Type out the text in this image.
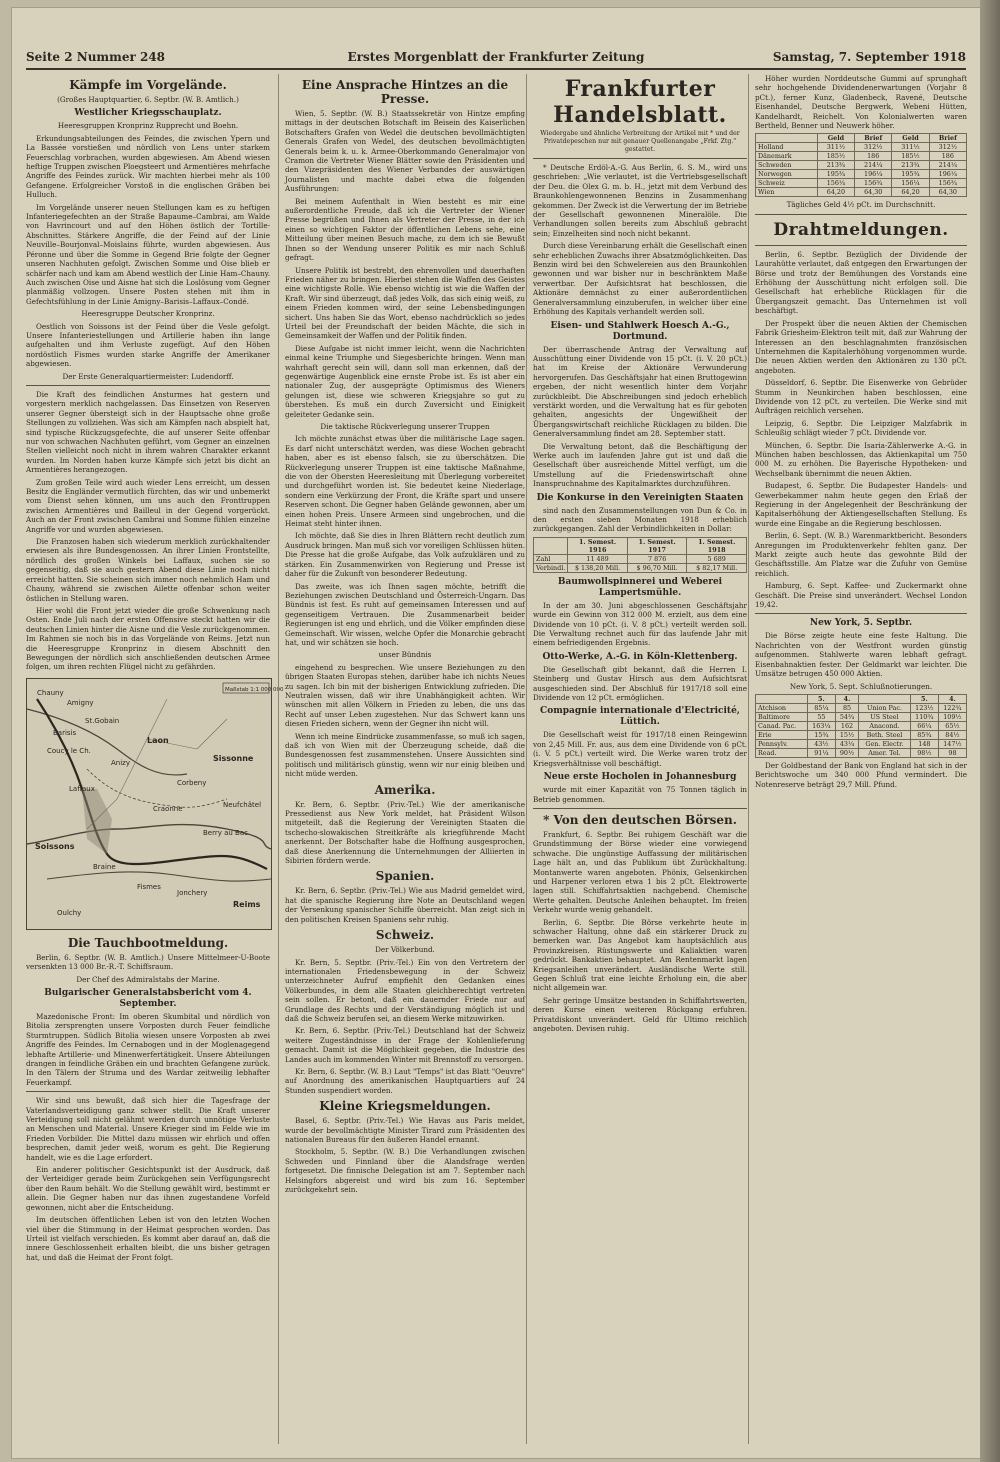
Seite 2 Nummer 248	Erstes Morgenblatt der Frankfurter Zeitung	Samstag, 7. September 1918
Kämpfe im Vorgelände.
(Großes Hauptquartier, 6. Septbr. (W. B. Amtlich.)
Westlicher Kriegsschauplatz.
Heeresgruppen Kronprinz Rupprecht und Boehn.

Erkundungsabteilungen des Feindes, die zwischen Ypern und La Bassée vorstießen und nördlich von Lens unter starkem Feuerschlag vorbrachen, wurden abgewiesen. Am Abend wiesen heftige Truppen zwischen Ploegsteert und Armentières mehrfache Angriffe des Feindes zurück. Wir machten hierbei mehr als 100 Gefangene. Erfolgreicher Vorstoß in die englischen Gräben bei Hulluch.

Im Vorgelände unserer neuen Stellungen kam es zu heftigen Infanteriegefechten an der Straße Bapaume–Cambrai, am Walde von Havrincourt und auf den Höhen östlich der Tortille-Abschnittes. Stärkere Angriffe, die der Feind auf der Linie Neuville–Bourjonval–Moislains führte, wurden abgewiesen. Aus Péronne und über die Somme in Gegend Brie folgte der Gegner unseren Nachhuten gefolgt. Zwischen Somme und Oise blieb er schärfer nach und kam am Abend westlich der Linie Ham–Chauny. Auch zwischen Oise und Aisne hat sich die Loslösung vom Gegner planmäßig vollzogen. Unsere Posten stehen mit ihm in Gefechtsfühlung in der Linie Amigny–Barisis–Laffaux–Condé.

Heeresgruppe Deutscher Kronprinz.

Oestlich von Soissons ist der Feind über die Vesle gefolgt. Unsere Infanteriestellungen und Artillerie haben ihn lange aufgehalten und ihm Verluste zugefügt. Auf den Höhen nordöstlich Fismes wurden starke Angriffe der Amerikaner abgewiesen.

Der Erste Generalquartiermeister: Ludendorff.

Die Kraft des feindlichen Ansturmes hat gestern und vorgestern merklich nachgelassen. Das Einsetzen von Reserven unserer Gegner übersteigt sich in der Hauptsache ohne große Stellungen zu vollziehen. Was sich am Kämpfen nach abspielt hat, sind typische Rückzugsgefechte, die auf unserer Seite offenbar nur von schwachen Nachhuten geführt, vom Gegner an einzelnen Stellen vielleicht noch nicht in ihrem wahren Charakter erkannt wurden. Im Norden haben kurze Kämpfe sich jetzt bis dicht an Armentières herangezogen.

Zum großen Teile wird auch wieder Lens erreicht, um dessen Besitz die Engländer vermutlich fürchten, das wir und unbemerkt vom Dienst sehen können, um uns auch den Fronttruppen zwischen Armentières und Bailleul in der Gegend vorgerückt. Auch an der Front zwischen Cambrai und Somme fühlen einzelne Angriffe vor und wurden abgewiesen.

Die Franzosen haben sich wiederum merklich zurückhaltender erwiesen als ihre Bundesgenossen. An ihrer Linien Frontstellte, nördlich des großen Winkels bei Laffaux, suchen sie so gegenseitig, daß sie auch gestern Abend diese Linie noch nicht erreicht hatten. Sie scheinen sich immer noch nehmlich Ham und Chauny, während sie zwischen Ailette offenbar schon weiter östlichen in Stellung waren.

Hier wohl die Front jetzt wieder die große Schwenkung nach Osten. Ende Juli nach der ersten Offensive steckt hatten wir die deutschen Linien hinter die Aisne und die Vesle zurückgenommen. Im Rahmen sie noch bis in das Vorgelände von Reims. Jetzt nun die Heeresgruppe Kronprinz in diesem Abschnitt den Bewegungen der nördlich sich anschließenden deutschen Armee folgen, um ihren rechten Flügel nicht zu gefährden.

Maßstab 1:1 000 000
Chauny
Amigny
St.Gobain
Barisis
Coucy le Ch.
Laon
Anizy
Laffaux
Soissons
Braine
Fismes
Sissonne
Craonne
Berry au Bac
Reims
Jonchery
Oulchy
Neufchâtel
Corbeny
Die Tauchbootmeldung.

Berlin, 6. Septbr. (W. B. Amtlich.) Unsere Mittelmeer-U-Boote versenkten 13 000 Br.-R.-T. Schiffsraum.

Der Chef des Admiralstabs der Marine.
Bulgarischer Generalstabsbericht vom 4. September.

Mazedonische Front: Im oberen Skumbital und nördlich von Bitolia zersprengten unsere Vorposten durch Feuer feindliche Sturmtruppen. Südlich Bitolia wiesen unsere Vorposten ab zwei Angriffe des Feindes. Im Cernabogen und in der Moglenagegend lebhafte Artillerie- und Minenwerfertätigkeit. Unsere Abteilungen drangen in feindliche Gräben ein und brachten Gefangene zurück. In den Tälern der Struma und des Wardar zeitweilig lebhafter Feuerkampf.

Wir sind uns bewußt, daß sich hier die Tagesfrage der Vaterlandsverteidigung ganz schwer stellt. Die Kraft unserer Verteidigung soll nicht gelähmt werden durch unnötige Verluste an Menschen und Material. Unsere Krieger sind im Felde wie im Frieden Vorbilder. Die Mittel dazu müssen wir ehrlich und offen besprechen, damit jeder weiß, worum es geht. Die Regierung handelt, wie es die Lage erfordert.

Ein anderer politischer Gesichtspunkt ist der Ausdruck, daß der Verteidiger gerade beim Zurückgehen sein Verfügungsrecht über den Raum behält. Wo die Stellung gewählt wird, bestimmt er allein. Die Gegner haben nur das ihnen zugestandene Vorfeld gewonnen, nicht aber die Entscheidung.

Im deutschen öffentlichen Leben ist von den letzten Wochen viel über die Stimmung in der Heimat gesprochen worden. Das Urteil ist vielfach verschieden. Es kommt aber darauf an, daß die innere Geschlossenheit erhalten bleibt, die uns bisher getragen hat, und daß die Heimat der Front folgt.

Eine Ansprache Hintzes an die Presse.

Wien, 5. Septbr. (W. B.) Staatssekretär von Hintze empfing mittags in der deutschen Botschaft im Beisein des Kaiserlichen Botschafters Grafen von Wedel die deutschen bevollmächtigten Generals Grafen von Wedel, des deutschen bevollmächtigten Generals beim k. u. k. Armee-Oberkommando Generalmajor von Cramon die Vertreter Wiener Blätter sowie den Präsidenten und den Vizepräsidenten des Wiener Verbandes der auswärtigen Journalisten und machte dabei etwa die folgenden Ausführungen:

Bei meinem Aufenthalt in Wien besteht es mir eine außerordentliche Freude, daß ich die Vertreter der Wiener Presse begrüßen und Ihnen als Vertreter der Presse, in der ich einen so wichtigen Faktor der öffentlichen Lebens sehe, eine Mitteilung über meinen Besuch mache, zu dem ich sie Bewußt Ihnen so der Wendung unserer Politik es mir nach Schluß gefragt.

Unsere Politik ist bestrebt, den ehrenvollen und dauerhaften Frieden näher zu bringen. Hierbei stehen die Waffen des Geistes eine wichtigste Rolle. Wie ebenso wichtig ist wie die Waffen der Kraft. Wir sind überzeugt, daß jedes Volk, das sich einig weiß, zu einem Frieden kommen wird, der seine Lebensbedingungen sichert. Uns haben Sie das Wort, ebenso nachdrücklich so jedes Urteil bei der Freundschaft der beiden Mächte, die sich in Gemeinsamkeit der Waffen und der Politik finden.

Diese Aufgabe ist nicht immer leicht, wenn die Nachrichten einmal keine Triumphe und Siegesberichte bringen. Wenn man wahrhaft gerecht sein will, dann soll man erkennen, daß der gegenwärtige Augenblick eine ernste Probe ist. Es ist aber ein nationaler Zug, der ausgeprägte Optimismus des Wieners gelungen ist, diese wie schweren Kriegsjahre so gut zu überstehen. Es muß ein durch Zuversicht und Einigkeit geleiteter Gedanke sein.

Die taktische Rückverlegung unserer Truppen

Ich möchte zunächst etwas über die militärische Lage sagen. Es darf nicht unterschätzt werden, was diese Wochen gebracht haben, aber es ist ebenso falsch, sie zu überschätzen. Die Rückverlegung unserer Truppen ist eine taktische Maßnahme, die von der Obersten Heeresleitung mit Überlegung vorbereitet und durchgeführt worden ist. Sie bedeutet keine Niederlage, sondern eine Verkürzung der Front, die Kräfte spart und unsere Reserven schont. Die Gegner haben Gelände gewonnen, aber um einen hohen Preis. Unsere Armeen sind ungebrochen, und die Heimat steht hinter ihnen.

Ich möchte, daß Sie dies in Ihren Blättern recht deutlich zum Ausdruck bringen. Man muß sich vor voreiligen Schlüssen hüten. Die Presse hat die große Aufgabe, das Volk aufzuklären und zu stärken. Ein Zusammenwirken von Regierung und Presse ist daher für die Zukunft von besonderer Bedeutung.

Das zweite, was ich Ihnen sagen möchte, betrifft die Beziehungen zwischen Deutschland und Österreich-Ungarn. Das Bündnis ist fest. Es ruht auf gemeinsamen Interessen und auf gegenseitigem Vertrauen. Die Zusammenarbeit beider Regierungen ist eng und ehrlich, und die Völker empfinden diese Gemeinschaft. Wir wissen, welche Opfer die Monarchie gebracht hat, und wir schätzen sie hoch.

unser Bündnis

eingehend zu besprechen. Wie unsere Beziehungen zu den übrigen Staaten Europas stehen, darüber habe ich nichts Neues zu sagen. Ich bin mit der bisherigen Entwicklung zufrieden. Die Neutralen wissen, daß wir ihre Unabhängigkeit achten. Wir wünschen mit allen Völkern in Frieden zu leben, die uns das Recht auf unser Leben zugestehen. Nur das Schwert kann uns diesen Frieden sichern, wenn der Gegner ihn nicht will.

Wenn ich meine Eindrücke zusammenfasse, so muß ich sagen, daß ich von Wien mit der Überzeugung scheide, daß die Bundesgenossen fest zusammenstehen. Unsere Aussichten sind politisch und militärisch günstig, wenn wir nur einig bleiben und nicht müde werden.

Amerika.

Kr. Bern, 6. Septbr. (Priv.-Tel.) Wie der amerikanische Pressedienst aus New York meldet, hat Präsident Wilson mitgeteilt, daß die Regierung der Vereinigten Staaten die tschecho-slowakischen Streitkräfte als kriegführende Macht anerkennt. Der Botschafter habe die Hoffnung ausgesprochen, daß diese Anerkennung die Unternehmungen der Alliierten in Sibirien fördern werde.

Spanien.

Kr. Bern, 6. Septbr. (Priv.-Tel.) Wie aus Madrid gemeldet wird, hat die spanische Regierung ihre Note an Deutschland wegen der Versenkung spanischer Schiffe überreicht. Man zeigt sich in den politischen Kreisen Spaniens sehr ruhig.

Schweiz.
Der Völkerbund.

Kr. Bern, 5. Septbr. (Priv.-Tel.) Ein von den Vertretern der internationalen Friedensbewegung in der Schweiz unterzeichneter Aufruf empfiehlt den Gedanken eines Völkerbundes, in dem alle Staaten gleichberechtigt vertreten sein sollen. Er betont, daß ein dauernder Friede nur auf Grundlage des Rechts und der Verständigung möglich ist und daß die Schweiz berufen sei, an diesem Werke mitzuwirken.

Kr. Bern, 6. Septbr. (Priv.-Tel.) Deutschland hat der Schweiz weitere Zugeständnisse in der Frage der Kohlenlieferung gemacht. Damit ist die Möglichkeit gegeben, die Industrie des Landes auch im kommenden Winter mit Brennstoff zu versorgen.

Kr. Bern, 6. Septbr. (W. B.) Laut "Temps" ist das Blatt "Oeuvre" auf Anordnung des amerikanischen Hauptquartiers auf 24 Stunden suspendiert worden.

Kleine Kriegsmeldungen.

Basel, 6. Septbr. (Priv.-Tel.) Wie Havas aus Paris meldet, wurde der bevollmächtigte Minister Tirard zum Präsidenten des nationalen Bureaus für den äußeren Handel ernannt.

Stockholm, 5. Septbr. (W. B.) Die Verhandlungen zwischen Schweden und Finnland über die Alandsfrage werden fortgesetzt. Die finnische Delegation ist am 7. September nach Helsingfors abgereist und wird bis zum 16. September zurückgekehrt sein.

Frankfurter Handelsblatt.
Wiedergabe und ähnliche Verbreitung der Artikel mit * und der Privatdepeschen nur mit genauer Quellenangabe „Frkf. Ztg." gestattet.

* Deutsche Erdöl-A.-G. Aus Berlin, 6. S. M., wird uns geschrieben: „Wie verlautet, ist die Vertriebsgesellschaft der Deu. die Olex G. m. b. H., jetzt mit dem Verbund des Braunkohlengewonnenen Benzins in Zusammenhang gekommen. Der Zweck ist die Verwertung der im Betriebe der Gesellschaft gewonnenen Mineralöle. Die Verhandlungen sollen bereits zum Abschluß gebracht sein; Einzelheiten sind noch nicht bekannt.

Durch diese Vereinbarung erhält die Gesellschaft einen sehr erheblichen Zuwachs ihrer Absatzmöglichkeiten. Das Benzin wird bei den Schwelereien aus den Braunkohlen gewonnen und war bisher nur in beschränktem Maße verwertbar. Der Aufsichtsrat hat beschlossen, die Aktionäre demnächst zu einer außerordentlichen Generalversammlung einzuberufen, in welcher über eine Erhöhung des Kapitals verhandelt werden soll.

Eisen- und Stahlwerk Hoesch A.-G., Dortmund.

Der überraschende Antrag der Verwaltung auf Ausschüttung einer Dividende von 15 pCt. (i. V. 20 pCt.) hat im Kreise der Aktionäre Verwunderung hervorgerufen. Das Geschäftsjahr hat einen Bruttogewinn ergeben, der nicht wesentlich hinter dem Vorjahr zurückbleibt. Die Abschreibungen sind jedoch erheblich verstärkt worden, und die Verwaltung hat es für geboten gehalten, angesichts der Ungewißheit der Übergangswirtschaft reichliche Rücklagen zu bilden. Die Generalversammlung findet am 28. September statt.

Die Verwaltung betont, daß die Beschäftigung der Werke auch im laufenden Jahre gut ist und daß die Gesellschaft über ausreichende Mittel verfügt, um die Umstellung auf die Friedenswirtschaft ohne Inanspruchnahme des Kapitalmarktes durchzuführen.

Die Konkurse in den Vereinigten Staaten

sind nach den Zusammenstellungen von Dun & Co. in den ersten sieben Monaten 1918 erheblich zurückgegangen. Zahl der Verbindlichkeiten in Dollar:

	1. Semest. 1916	1. Semest. 1917	1. Semest. 1918
Zahl	11 489	7 876	5 689
Verbindl.	$ 138,20 Mill.	$ 96,70 Mill.	$ 82,17 Mill.
Baumwollspinnerei und Weberei Lampertsmühle.

In der am 30. Juni abgeschlossenen Geschäftsjahr wurde ein Gewinn von 312 000 M. erzielt, aus dem eine Dividende von 10 pCt. (i. V. 8 pCt.) verteilt werden soll. Die Verwaltung rechnet auch für das laufende Jahr mit einem befriedigenden Ergebnis.

Otto-Werke, A.-G. in Köln-Klettenberg.

Die Gesellschaft gibt bekannt, daß die Herren I. Steinberg und Gustav Hirsch aus dem Aufsichtsrat ausgeschieden sind. Der Abschluß für 1917/18 soll eine Dividende von 12 pCt. ermöglichen.

Compagnie internationale d'Electricité, Lüttich.

Die Gesellschaft weist für 1917/18 einen Reingewinn von 2,45 Mill. Fr. aus, aus dem eine Dividende von 6 pCt. (i. V. 5 pCt.) verteilt wird. Die Werke waren trotz der Kriegsverhältnisse voll beschäftigt.

Neue erste Hocholen in Johannesburg

wurde mit einer Kapazität von 75 Tonnen täglich in Betrieb genommen.

* Von den deutschen Börsen.

Frankfurt, 6. Septbr. Bei ruhigem Geschäft war die Grundstimmung der Börse wieder eine vorwiegend schwache. Die ungünstige Auffassung der militärischen Lage hält an, und das Publikum übt Zurückhaltung. Montanwerte waren angeboten. Phönix, Gelsenkirchen und Harpener verloren etwa 1 bis 2 pCt. Elektrowerte lagen still. Schiffahrtsaktien nachgebend. Chemische Werte gehalten. Deutsche Anleihen behauptet. Im freien Verkehr wurde wenig gehandelt.

Berlin, 6. Septbr. Die Börse verkehrte heute in schwacher Haltung, ohne daß ein stärkerer Druck zu bemerken war. Das Angebot kam hauptsächlich aus Provinzkreisen. Rüstungswerte und Kaliaktien waren gedrückt. Bankaktien behauptet. Am Rentenmarkt lagen Kriegsanleihen unverändert. Ausländische Werte still. Gegen Schluß trat eine leichte Erholung ein, die aber nicht allgemein war.

Sehr geringe Umsätze bestanden in Schiffahrtswerten, deren Kurse einen weiteren Rückgang erfuhren. Privatdiskont unverändert. Geld für Ultimo reichlich angeboten. Devisen ruhig.

Höher wurden Norddeutsche Gummi auf sprunghaft sehr hochgehende Dividendenerwartungen (Vorjahr 8 pCt.), ferner Kunz, Gladenbeck, Ravené, Deutsche Eisenhandel, Deutsche Bergwerk, Webeni Hütten, Kandelhardt, Reichelt. Von Kolonialwerten waren Bertheld, Benner und Neuwerk höher.

	Geld	Brief	Geld	Brief
Holland	311½	312½	311½	312½
Dänemark	185½	186	185½	186
Schweden	213¾	214¼	213¾	214¼
Norwegen	195¾	196¼	195¾	196¼
Schweiz	156¼	156¾	156¼	156¾
Wien	64,20	64,30	64,20	64,30
Tägliches Geld 4½ pCt. im Durchschnitt.
Drahtmeldungen.

Berlin, 6. Septbr. Bezüglich der Dividende der Laurahütte verlautet, daß entgegen den Erwartungen der Börse und trotz der Bemühungen des Vorstands eine Erhöhung der Ausschüttung nicht erfolgen soll. Die Gesellschaft hat erhebliche Rücklagen für die Übergangszeit gemacht. Das Unternehmen ist voll beschäftigt.

Der Prospekt über die neuen Aktien der Chemischen Fabrik Griesheim-Elektron teilt mit, daß zur Wahrung der Interessen an den beschlagnahmten französischen Unternehmen die Kapitalerhöhung vorgenommen wurde. Die neuen Aktien werden den Aktionären zu 130 pCt. angeboten.

Düsseldorf, 6. Septbr. Die Eisenwerke von Gebrüder Stumm in Neunkirchen haben beschlossen, eine Dividende von 12 pCt. zu verteilen. Die Werke sind mit Aufträgen reichlich versehen.

Leipzig, 6. Septbr. Die Leipziger Malzfabrik in Schleußig schlägt wieder 7 pCt. Dividende vor.

München, 6. Septbr. Die Isaria-Zählerwerke A.-G. in München haben beschlossen, das Aktienkapital um 750 000 M. zu erhöhen. Die Bayerische Hypotheken- und Wechselbank übernimmt die neuen Aktien.

Budapest, 6. Septbr. Die Budapester Handels- und Gewerbekammer nahm heute gegen den Erlaß der Regierung in der Angelegenheit der Beschränkung der Kapitalserhöhung der Aktiengesellschaften Stellung. Es wurde eine Eingabe an die Regierung beschlossen.

Berlin, 6. Sept. (W. B.) Warenmarktbericht. Besonders Anregungen im Produktenverkehr fehlten ganz. Der Markt zeigte auch heute das gewohnte Bild der Geschäftsstille. Am Platze war die Zufuhr von Gemüse reichlich.

Hamburg, 6. Sept. Kaffee- und Zuckermarkt ohne Geschäft. Die Preise sind unverändert. Wechsel London 19,42.

New York, 5. Septbr.

Die Börse zeigte heute eine feste Haltung. Die Nachrichten von der Westfront wurden günstig aufgenommen. Stahlwerte waren lebhaft gefragt. Eisenbahnaktien fester. Der Geldmarkt war leichter. Die Umsätze betrugen 450 000 Aktien.

New York, 5. Sept. Schlußnotierungen.
	5.	4.		5.	4.
Atchison	85¼	85	Union Pac.	123½	122¾
Baltimore	55	54¾	US Steel	110¾	109½
Canad. Pac.	163¼	162	Anacond.	66¼	65½
Erie	15¾	15½	Beth. Steel	85¾	84½
Pennsylv.	43½	43¼	Gen. Electr.	148	147½
Read.	91¼	90½	Amer. Tel.	98½	98

Der Goldbestand der Bank von England hat sich in der Berichtswoche um 340 000 Pfund vermindert. Die Notenreserve beträgt 29,7 Mill. Pfund.
